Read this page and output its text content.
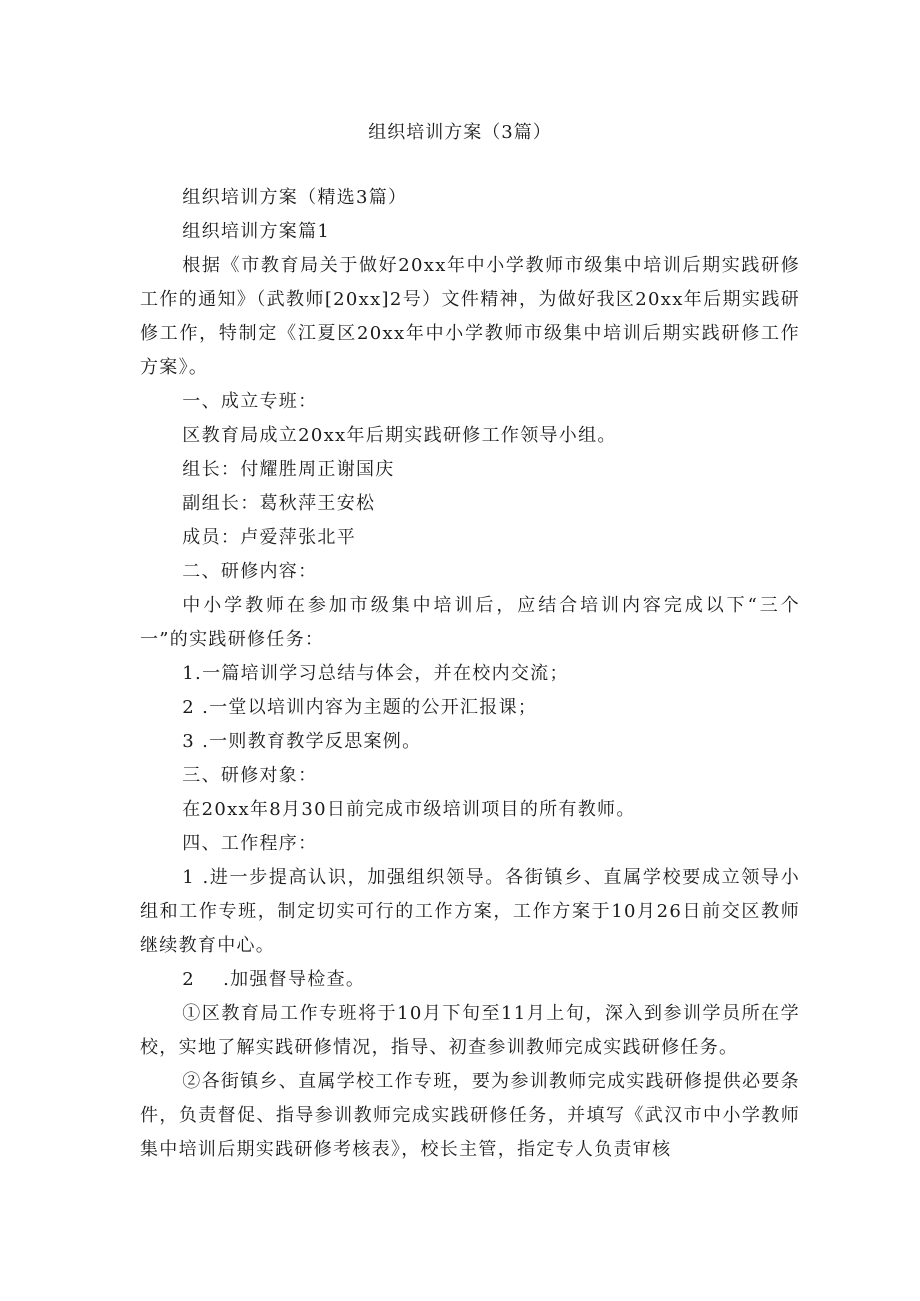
组织培训方案（3篇）

组织培训方案（精选3篇）

组织培训方案篇1

根据《市教育局关于做好20xx年中小学教师市级集中培训后期实践研修工作的通知》（武教师[20xx]2号）文件精神，为做好我区20xx年后期实践研修工作，特制定《江夏区20xx年中小学教师市级集中培训后期实践研修工作方案》。

一、成立专班：

区教育局成立20xx年后期实践研修工作领导小组。

组长：付耀胜周正谢国庆

副组长：葛秋萍王安松

成员：卢爱萍张北平

二、研修内容：

中小学教师在参加市级集中培训后，应结合培训内容完成以下“三个一”的实践研修任务：

1.一篇培训学习总结与体会，并在校内交流；

2 .一堂以培训内容为主题的公开汇报课；

3 .一则教育教学反思案例。

三、研修对象：

在20xx年8月30日前完成市级培训项目的所有教师。

四、工作程序：

1 .进一步提高认识，加强组织领导。各街镇乡、直属学校要成立领导小组和工作专班，制定切实可行的工作方案，工作方案于10月26日前交区教师继续教育中心。

2 .加强督导检查。

①区教育局工作专班将于10月下旬至11月上旬，深入到参训学员所在学校，实地了解实践研修情况，指导、初查参训教师完成实践研修任务。

②各街镇乡、直属学校工作专班，要为参训教师完成实践研修提供必要条件，负责督促、指导参训教师完成实践研修任务，并填写《武汉市中小学教师集中培训后期实践研修考核表》，校长主管，指定专人负责审核
